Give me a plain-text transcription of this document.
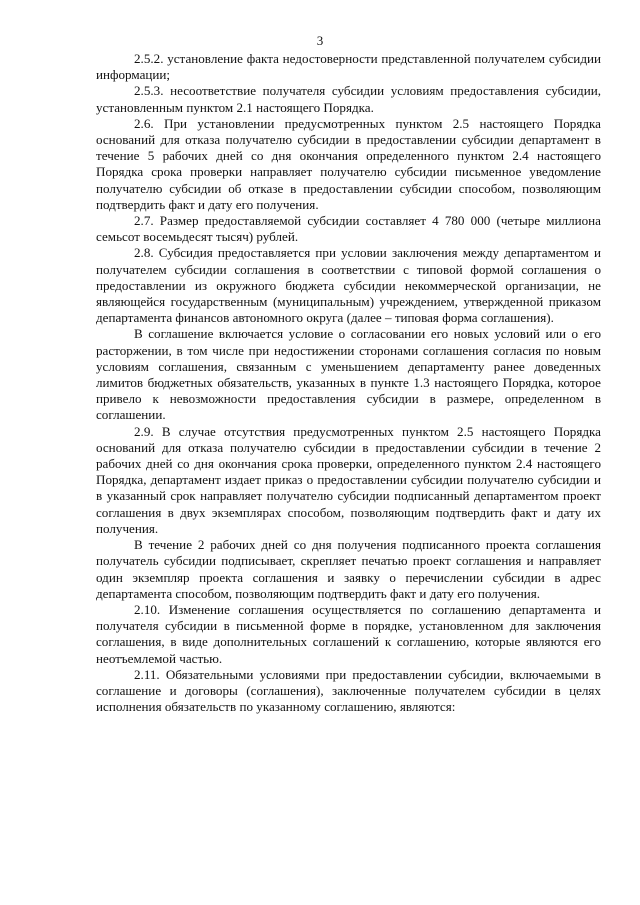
3

2.5.2. установление факта недостоверности представленной получателем субсидии информации;

2.5.3. несоответствие получателя субсидии условиям предоставления субсидии, установленным пунктом 2.1 настоящего Порядка.

2.6. При установлении предусмотренных пунктом 2.5 настоящего Порядка оснований для отказа получателю субсидии в предоставлении субсидии департамент в течение 5 рабочих дней со дня окончания определенного пунктом 2.4 настоящего Порядка срока проверки направляет получателю субсидии письменное уведомление получателю субсидии об отказе в предоставлении субсидии способом, позволяющим подтвердить факт и дату его получения.

2.7. Размер предоставляемой субсидии составляет 4 780 000 (четыре миллиона семьсот восемьдесят тысяч) рублей.

2.8. Субсидия предоставляется при условии заключения между департаментом и получателем субсидии соглашения в соответствии с типовой формой соглашения о предоставлении из окружного бюджета субсидии некоммерческой организации, не являющейся государственным (муниципальным) учреждением, утвержденной приказом департамента финансов автономного округа (далее – типовая форма соглашения).

В соглашение включается условие о согласовании его новых условий или о его расторжении, в том числе при недостижении сторонами соглашения согласия по новым условиям соглашения, связанным с уменьшением департаменту ранее доведенных лимитов бюджетных обязательств, указанных в пункте 1.3 настоящего Порядка, которое привело к невозможности предоставления субсидии в размере, определенном в соглашении.

2.9. В случае отсутствия предусмотренных пунктом 2.5 настоящего Порядка оснований для отказа получателю субсидии в предоставлении субсидии в течение 2 рабочих дней со дня окончания срока проверки, определенного пунктом 2.4 настоящего Порядка, департамент издает приказ о предоставлении субсидии получателю субсидии и в указанный срок направляет получателю субсидии подписанный департаментом проект соглашения в двух экземплярах способом, позволяющим подтвердить факт и дату их получения.

В течение 2 рабочих дней со дня получения подписанного проекта соглашения получатель субсидии подписывает, скрепляет печатью проект соглашения и направляет один экземпляр проекта соглашения и заявку о перечислении субсидии в адрес департамента способом, позволяющим подтвердить факт и дату его получения.

2.10. Изменение соглашения осуществляется по соглашению департамента и получателя субсидии в письменной форме в порядке, установленном для заключения соглашения, в виде дополнительных соглашений к соглашению, которые являются его неотъемлемой частью.

2.11. Обязательными условиями при предоставлении субсидии, включаемыми в соглашение и договоры (соглашения), заключенные получателем субсидии в целях исполнения обязательств по указанному соглашению, являются:
